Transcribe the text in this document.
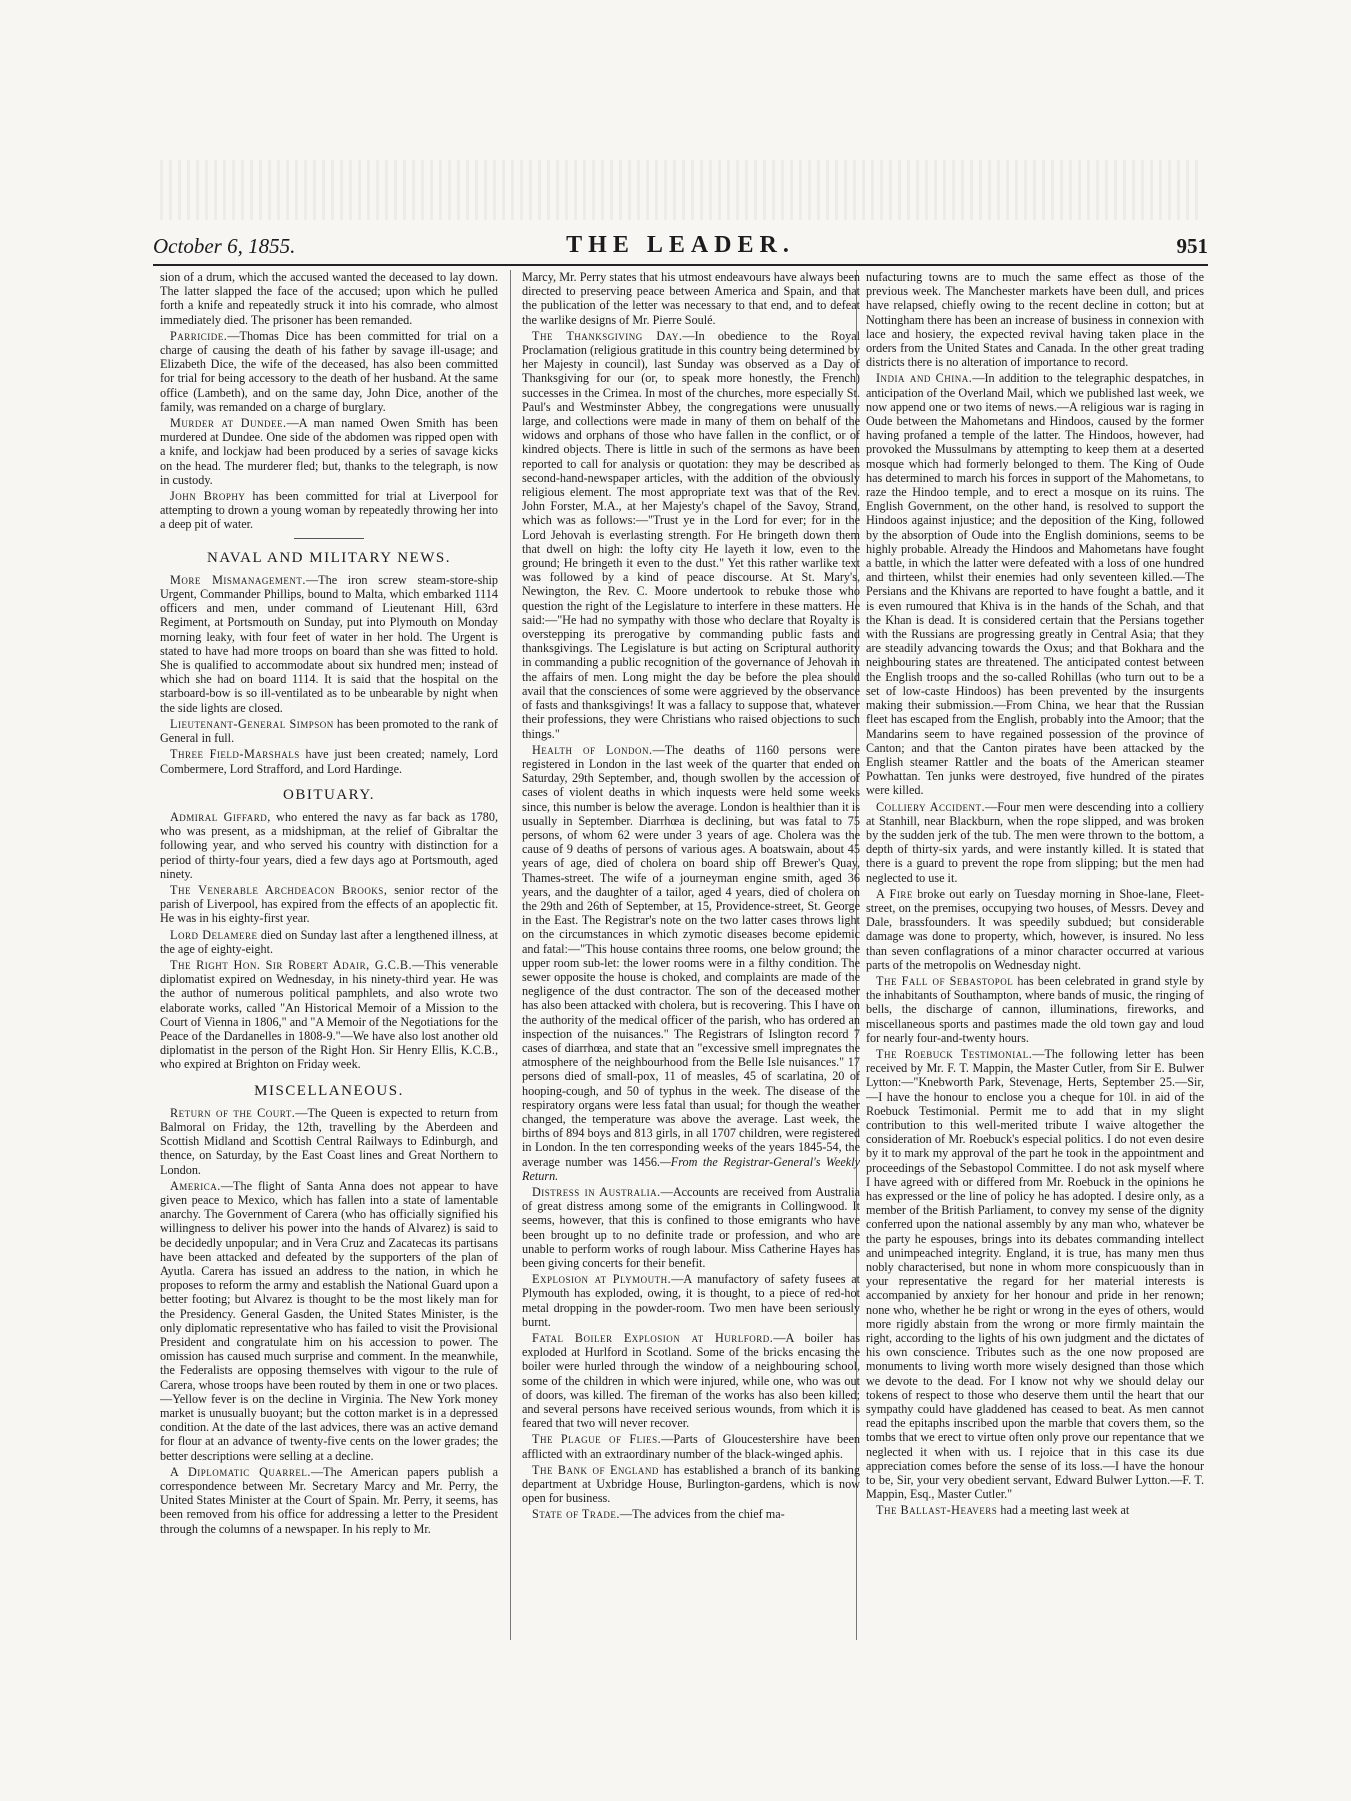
October 6, 1855.	THE LEADER.	951

sion of a drum, which the accused wanted the deceased to lay down. The latter slapped the face of the accused; upon which he pulled forth a knife and repeatedly struck it into his comrade, who almost immediately died. The prisoner has been remanded.

Parricide.—Thomas Dice has been committed for trial on a charge of causing the death of his father by savage ill-usage; and Elizabeth Dice, the wife of the deceased, has also been committed for trial for being accessory to the death of her husband. At the same office (Lambeth), and on the same day, John Dice, another of the family, was remanded on a charge of burglary.

Murder at Dundee.—A man named Owen Smith has been murdered at Dundee. One side of the abdomen was ripped open with a knife, and lockjaw had been produced by a series of savage kicks on the head. The murderer fled; but, thanks to the telegraph, is now in custody.

John Brophy has been committed for trial at Liverpool for attempting to drown a young woman by repeatedly throwing her into a deep pit of water.

NAVAL AND MILITARY NEWS.

More Mismanagement.—The iron screw steam-store-ship Urgent, Commander Phillips, bound to Malta, which embarked 1114 officers and men, under command of Lieutenant Hill, 63rd Regiment, at Portsmouth on Sunday, put into Plymouth on Monday morning leaky, with four feet of water in her hold. The Urgent is stated to have had more troops on board than she was fitted to hold. She is qualified to accommodate about six hundred men; instead of which she had on board 1114. It is said that the hospital on the starboard-bow is so ill-ventilated as to be unbearable by night when the side lights are closed.

Lieutenant-General Simpson has been promoted to the rank of General in full.

Three Field-Marshals have just been created; namely, Lord Combermere, Lord Strafford, and Lord Hardinge.

OBITUARY.

Admiral Giffard, who entered the navy as far back as 1780, who was present, as a midshipman, at the relief of Gibraltar the following year, and who served his country with distinction for a period of thirty-four years, died a few days ago at Portsmouth, aged ninety.

The Venerable Archdeacon Brooks, senior rector of the parish of Liverpool, has expired from the effects of an apoplectic fit. He was in his eighty-first year.

Lord Delamere died on Sunday last after a lengthened illness, at the age of eighty-eight.

The Right Hon. Sir Robert Adair, G.C.B.—This venerable diplomatist expired on Wednesday, in his ninety-third year. He was the author of numerous political pamphlets, and also wrote two elaborate works, called "An Historical Memoir of a Mission to the Court of Vienna in 1806," and "A Memoir of the Negotiations for the Peace of the Dardanelles in 1808-9."—We have also lost another old diplomatist in the person of the Right Hon. Sir Henry Ellis, K.C.B., who expired at Brighton on Friday week.

MISCELLANEOUS.

Return of the Court.—The Queen is expected to return from Balmoral on Friday, the 12th, travelling by the Aberdeen and Scottish Midland and Scottish Central Railways to Edinburgh, and thence, on Saturday, by the East Coast lines and Great Northern to London.

America.—The flight of Santa Anna does not appear to have given peace to Mexico, which has fallen into a state of lamentable anarchy. The Government of Carera (who has officially signified his willingness to deliver his power into the hands of Alvarez) is said to be decidedly unpopular; and in Vera Cruz and Zacatecas its partisans have been attacked and defeated by the supporters of the plan of Ayutla. Carera has issued an address to the nation, in which he proposes to reform the army and establish the National Guard upon a better footing; but Alvarez is thought to be the most likely man for the Presidency. General Gasden, the United States Minister, is the only diplomatic representative who has failed to visit the Provisional President and congratulate him on his accession to power. The omission has caused much surprise and comment. In the meanwhile, the Federalists are opposing themselves with vigour to the rule of Carera, whose troops have been routed by them in one or two places.—Yellow fever is on the decline in Virginia. The New York money market is unusually buoyant; but the cotton market is in a depressed condition. At the date of the last advices, there was an active demand for flour at an advance of twenty-five cents on the lower grades; the better descriptions were selling at a decline.

A Diplomatic Quarrel.—The American papers publish a correspondence between Mr. Secretary Marcy and Mr. Perry, the United States Minister at the Court of Spain. Mr. Perry, it seems, has been removed from his office for addressing a letter to the President through the columns of a newspaper. In his reply to Mr.

Marcy, Mr. Perry states that his utmost endeavours have always been directed to preserving peace between America and Spain, and that the publication of the letter was necessary to that end, and to defeat the warlike designs of Mr. Pierre Soulé.

The Thanksgiving Day.—In obedience to the Royal Proclamation (religious gratitude in this country being determined by her Majesty in council), last Sunday was observed as a Day of Thanksgiving for our (or, to speak more honestly, the French) successes in the Crimea. In most of the churches, more especially St. Paul's and Westminster Abbey, the congregations were unusually large, and collections were made in many of them on behalf of the widows and orphans of those who have fallen in the conflict, or of kindred objects. There is little in such of the sermons as have been reported to call for analysis or quotation: they may be described as second-hand-newspaper articles, with the addition of the obviously religious element. The most appropriate text was that of the Rev. John Forster, M.A., at her Majesty's chapel of the Savoy, Strand, which was as follows:—"Trust ye in the Lord for ever; for in the Lord Jehovah is everlasting strength. For He bringeth down them that dwell on high: the lofty city He layeth it low, even to the ground; He bringeth it even to the dust." Yet this rather warlike text was followed by a kind of peace discourse. At St. Mary's, Newington, the Rev. C. Moore undertook to rebuke those who question the right of the Legislature to interfere in these matters. He said:—"He had no sympathy with those who declare that Royalty is overstepping its prerogative by commanding public fasts and thanksgivings. The Legislature is but acting on Scriptural authority in commanding a public recognition of the governance of Jehovah in the affairs of men. Long might the day be before the plea should avail that the consciences of some were aggrieved by the observance of fasts and thanksgivings! It was a fallacy to suppose that, whatever their professions, they were Christians who raised objections to such things."

Health of London.—The deaths of 1160 persons were registered in London in the last week of the quarter that ended on Saturday, 29th September, and, though swollen by the accession of cases of violent deaths in which inquests were held some weeks since, this number is below the average. London is healthier than it is usually in September. Diarrhœa is declining, but was fatal to 75 persons, of whom 62 were under 3 years of age. Cholera was the cause of 9 deaths of persons of various ages. A boatswain, about 45 years of age, died of cholera on board ship off Brewer's Quay, Thames-street. The wife of a journeyman engine smith, aged 36 years, and the daughter of a tailor, aged 4 years, died of cholera on the 29th and 26th of September, at 15, Providence-street, St. George in the East. The Registrar's note on the two latter cases throws light on the circumstances in which zymotic diseases become epidemic and fatal:—"This house contains three rooms, one below ground; the upper room sub-let: the lower rooms were in a filthy condition. The sewer opposite the house is choked, and complaints are made of the negligence of the dust contractor. The son of the deceased mother has also been attacked with cholera, but is recovering. This I have on the authority of the medical officer of the parish, who has ordered an inspection of the nuisances." The Registrars of Islington record 7 cases of diarrhœa, and state that an "excessive smell impregnates the atmosphere of the neighbourhood from the Belle Isle nuisances." 17 persons died of small-pox, 11 of measles, 45 of scarlatina, 20 of hooping-cough, and 50 of typhus in the week. The disease of the respiratory organs were less fatal than usual; for though the weather changed, the temperature was above the average. Last week, the births of 894 boys and 813 girls, in all 1707 children, were registered in London. In the ten corresponding weeks of the years 1845-54, the average number was 1456.—From the Registrar-General's Weekly Return.

Distress in Australia.—Accounts are received from Australia of great distress among some of the emigrants in Collingwood. It seems, however, that this is confined to those emigrants who have been brought up to no definite trade or profession, and who are unable to perform works of rough labour. Miss Catherine Hayes has been giving concerts for their benefit.

Explosion at Plymouth.—A manufactory of safety fusees at Plymouth has exploded, owing, it is thought, to a piece of red-hot metal dropping in the powder-room. Two men have been seriously burnt.

Fatal Boiler Explosion at Hurlford.—A boiler has exploded at Hurlford in Scotland. Some of the bricks encasing the boiler were hurled through the window of a neighbouring school, some of the children in which were injured, while one, who was out of doors, was killed. The fireman of the works has also been killed; and several persons have received serious wounds, from which it is feared that two will never recover.

The Plague of Flies.—Parts of Gloucestershire have been afflicted with an extraordinary number of the black-winged aphis.

The Bank of England has established a branch of its banking department at Uxbridge House, Burlington-gardens, which is now open for business.

State of Trade.—The advices from the chief ma-

nufacturing towns are to much the same effect as those of the previous week. The Manchester markets have been dull, and prices have relapsed, chiefly owing to the recent decline in cotton; but at Nottingham there has been an increase of business in connexion with lace and hosiery, the expected revival having taken place in the orders from the United States and Canada. In the other great trading districts there is no alteration of importance to record.

India and China.—In addition to the telegraphic despatches, in anticipation of the Overland Mail, which we published last week, we now append one or two items of news.—A religious war is raging in Oude between the Mahometans and Hindoos, caused by the former having profaned a temple of the latter. The Hindoos, however, had provoked the Mussulmans by attempting to keep them at a deserted mosque which had formerly belonged to them. The King of Oude has determined to march his forces in support of the Mahometans, to raze the Hindoo temple, and to erect a mosque on its ruins. The English Government, on the other hand, is resolved to support the Hindoos against injustice; and the deposition of the King, followed by the absorption of Oude into the English dominions, seems to be highly probable. Already the Hindoos and Mahometans have fought a battle, in which the latter were defeated with a loss of one hundred and thirteen, whilst their enemies had only seventeen killed.—The Persians and the Khivans are reported to have fought a battle, and it is even rumoured that Khiva is in the hands of the Schah, and that the Khan is dead. It is considered certain that the Persians together with the Russians are progressing greatly in Central Asia; that they are steadily advancing towards the Oxus; and that Bokhara and the neighbouring states are threatened. The anticipated contest between the English troops and the so-called Rohillas (who turn out to be a set of low-caste Hindoos) has been prevented by the insurgents making their submission.—From China, we hear that the Russian fleet has escaped from the English, probably into the Amoor; that the Mandarins seem to have regained possession of the province of Canton; and that the Canton pirates have been attacked by the English steamer Rattler and the boats of the American steamer Powhattan. Ten junks were destroyed, five hundred of the pirates were killed.

Colliery Accident.—Four men were descending into a colliery at Stanhill, near Blackburn, when the rope slipped, and was broken by the sudden jerk of the tub. The men were thrown to the bottom, a depth of thirty-six yards, and were instantly killed. It is stated that there is a guard to prevent the rope from slipping; but the men had neglected to use it.

A Fire broke out early on Tuesday morning in Shoe-lane, Fleet-street, on the premises, occupying two houses, of Messrs. Devey and Dale, brassfounders. It was speedily subdued; but considerable damage was done to property, which, however, is insured. No less than seven conflagrations of a minor character occurred at various parts of the metropolis on Wednesday night.

The Fall of Sebastopol has been celebrated in grand style by the inhabitants of Southampton, where bands of music, the ringing of bells, the discharge of cannon, illuminations, fireworks, and miscellaneous sports and pastimes made the old town gay and loud for nearly four-and-twenty hours.

The Roebuck Testimonial.—The following letter has been received by Mr. F. T. Mappin, the Master Cutler, from Sir E. Bulwer Lytton:—"Knebworth Park, Stevenage, Herts, September 25.—Sir,—I have the honour to enclose you a cheque for 10l. in aid of the Roebuck Testimonial. Permit me to add that in my slight contribution to this well-merited tribute I waive altogether the consideration of Mr. Roebuck's especial politics. I do not even desire by it to mark my approval of the part he took in the appointment and proceedings of the Sebastopol Committee. I do not ask myself where I have agreed with or differed from Mr. Roebuck in the opinions he has expressed or the line of policy he has adopted. I desire only, as a member of the British Parliament, to convey my sense of the dignity conferred upon the national assembly by any man who, whatever be the party he espouses, brings into its debates commanding intellect and unimpeached integrity. England, it is true, has many men thus nobly characterised, but none in whom more conspicuously than in your representative the regard for her material interests is accompanied by anxiety for her honour and pride in her renown; none who, whether he be right or wrong in the eyes of others, would more rigidly abstain from the wrong or more firmly maintain the right, according to the lights of his own judgment and the dictates of his own conscience. Tributes such as the one now proposed are monuments to living worth more wisely designed than those which we devote to the dead. For I know not why we should delay our tokens of respect to those who deserve them until the heart that our sympathy could have gladdened has ceased to beat. As men cannot read the epitaphs inscribed upon the marble that covers them, so the tombs that we erect to virtue often only prove our repentance that we neglected it when with us. I rejoice that in this case its due appreciation comes before the sense of its loss.—I have the honour to be, Sir, your very obedient servant, Edward Bulwer Lytton.—F. T. Mappin, Esq., Master Cutler."

The Ballast-Heavers had a meeting last week at
